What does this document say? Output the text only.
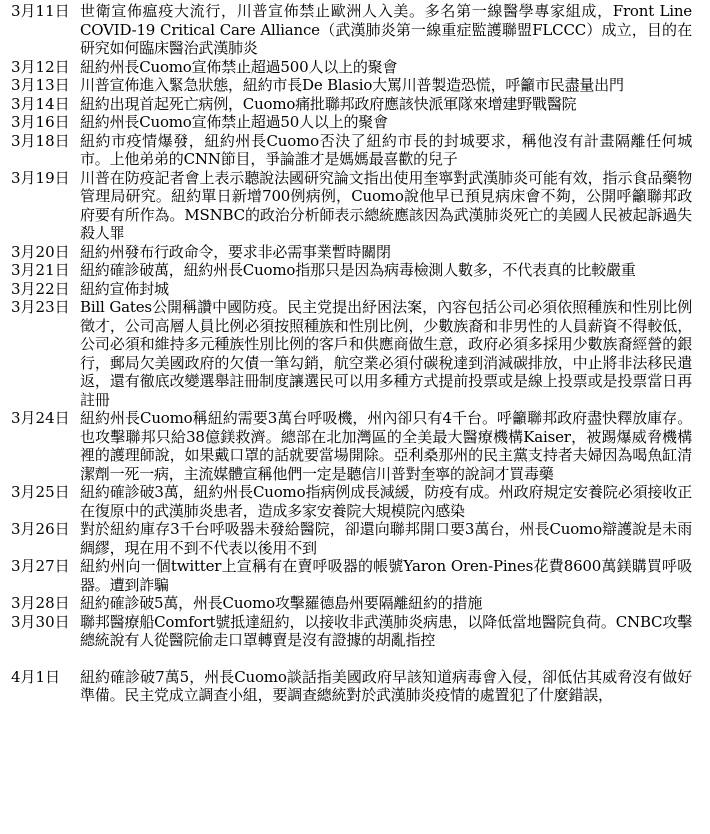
3月11日 世衛宣佈瘟疫大流行，川普宣佈禁止歐洲人入美。多名第一線醫學專家組成，Front Line COVID-19 Critical Care Alliance（武漢肺炎第一線重症監護聯盟FLCCC）成立，目的在研究如何臨床醫治武漢肺炎
3月12日 紐約州長Cuomo宣佈禁止超過500人以上的聚會
3月13日 川普宣佈進入緊急狀態，紐約市長De Blasio大罵川普製造恐慌，呼籲市民盡量出門
3月14日 紐約出現首起死亡病例，Cuomo痛批聯邦政府應該快派軍隊來增建野戰醫院
3月16日 紐約州長Cuomo宣佈禁止超過50人以上的聚會
3月18日 紐約市疫情爆發，紐約州長Cuomo否決了紐約市長的封城要求，稱他沒有計畫隔離任何城市。上他弟弟的CNN節目，爭論誰才是媽媽最喜歡的兒子
3月19日 川普在防疫記者會上表示聽說法國研究論文指出使用奎寧對武漢肺炎可能有效，指示食品藥物管理局研究。紐約單日新增700例病例，Cuomo說他早已預見病床會不夠，公開呼籲聯邦政府要有所作為。MSNBC的政治分析師表示總統應該因為武漢肺炎死亡的美國人民被起訴過失殺人罪
3月20日 紐約州發布行政命令，要求非必需事業暫時關閉
3月21日 紐約確診破萬，紐約州長Cuomo指那只是因為病毒檢測人數多，不代表真的比較嚴重
3月22日 紐約宣佈封城
3月23日 Bill Gates公開稱讚中國防疫。民主党提出紓困法案，內容包括公司必須依照種族和性別比例徵才，公司高層人員比例必須按照種族和性別比例，少數族裔和非男性的人員薪資不得較低，公司必須和維持多元種族性別比例的客戶和供應商做生意，政府必須多採用少數族裔經營的銀行，郵局欠美國政府的欠債一筆勾銷，航空業必須付碳稅達到消減碳排放，中止將非法移民遣返，還有徹底改變選舉註冊制度讓選民可以用多種方式提前投票或是線上投票或是投票當日再註冊
3月24日 紐約州長Cuomo稱紐約需要3萬台呼吸機，州內卻只有4千台。呼籲聯邦政府盡快釋放庫存。也攻擊聯邦只給38億鎂救濟。總部在北加灣區的全美最大醫療機構Kaiser，被踢爆威脅機構裡的護理師說，如果戴口罩的話就要當場開除。亞利桑那州的民主黨支持者夫婦因為喝魚缸清潔劑一死一病，主流媒體宣稱他們一定是聽信川普對奎寧的說詞才買毒藥
3月25日 紐約確診破3萬，紐約州長Cuomo指病例成長減緩，防疫有成。州政府規定安養院必須接收正在復原中的武漢肺炎患者，造成多家安養院大規模院內感染
3月26日 對於紐約庫存3千台呼吸器未發給醫院，卻還向聯邦開口要3萬台，州長Cuomo辯護說是未雨綢繆，現在用不到不代表以後用不到
3月27日 紐約州向一個twitter上宣稱有在賣呼吸器的帳號Yaron Oren-Pines花費8600萬鎂購買呼吸器。遭到詐騙
3月28日 紐約確診破5萬，州長Cuomo攻擊羅德島州要隔離紐約的措施
3月30日 聯邦醫療船Comfort號抵達紐約，以接收非武漢肺炎病患，以降低當地醫院負荷。CNBC攻擊總統說有人從醫院偷走口罩轉賣是沒有證據的胡亂指控
4月1日	紐約確診破7萬5，州長Cuomo談話指美國政府早該知道病毒會入侵，卻低估其威脅沒有做好準備。民主党成立調查小組，要調查總統對於武漢肺炎疫情的處置犯了什麼錯誤，
